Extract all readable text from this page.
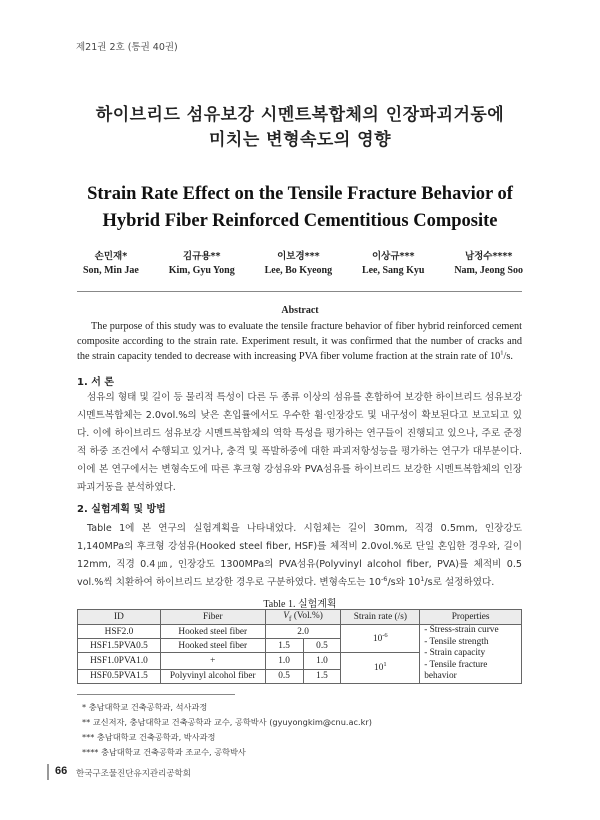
제21권 2호 (통권 40권)
하이브리드 섬유보강 시멘트복합체의 인장파괴거동에
미치는 변형속도의 영향
Strain Rate Effect on the Tensile Fracture Behavior of
Hybrid Fiber Reinforced Cementitious Composite
손민재*
Son, Min Jae
김규용**
Kim, Gyu Yong
이보경***
Lee, Bo Kyeong
이상규***
Lee, Sang Kyu
남정수****
Nam, Jeong Soo
Abstract
The purpose of this study was to evaluate the tensile fracture behavior of fiber hybrid reinforced cement composite according to the strain rate. Experiment result, it was confirmed that the number of cracks and the strain capacity tended to decrease with increasing PVA fiber volume fraction at the strain rate of $10^1/s$.
1. 서 론
섬유의 형태 및 길이 등 물리적 특성이 다른 두 종류 이상의 섬유를 혼합하여 보강한 하이브리드 섬유보강 시멘트복합체는 2.0vol.%의 낮은 혼입률에서도 우수한 휨·인장강도 및 내구성이 확보된다고 보고되고 있다. 이에 하이브리드 섬유보강 시멘트복합체의 역학 특성을 평가하는 연구들이 진행되고 있으나, 주로 준정적 하중 조건에서 수행되고 있거나, 충격 및 폭발하중에 대한 파괴저항성능을 평가하는 연구가 대부분이다. 이에 본 연구에서는 변형속도에 따른 후크형 강섬유와 PVA섬유를 하이브리드 보강한 시멘트복합체의 인장파괴거동을 분석하였다.
2. 실험계획 및 방법
Table 1에 본 연구의 실험계획을 나타내었다. 시험체는 길이 30mm, 직경 0.5mm, 인장강도 1,140MPa의 후크형 강섬유(Hooked steel fiber, HSF)를 체적비 2.0vol.%로 단일 혼입한 경우와, 길이 12mm, 직경 0.4㎛, 인장강도 1300MPa의 PVA섬유(Polyvinyl alcohol fiber, PVA)를 체적비 0.5 vol.%씩 치환하여 하이브리드 보강한 경우로 구분하였다. 변형속도는 $10^{-6}/s$와 $10^1/s$로 설정하였다.
Table 1. 실험계획
ID	Fiber	$V_f$ (Vol.%)		Strain rate (/s)	Properties
HSF2.0	Hooked steel fiber	2.0		$10^{-6}$	- Stress-strain curve
- Tensile strength
- Strain capacity
- Tensile fracture behavior

HSF1.5PVA0.5	Hooked steel fiber	1.5	0.5		
HSF1.0PVA1.0	+	1.0	1.0	$10^1$
HSF0.5PVA1.5	Polyvinyl alcohol fiber	0.5	1.5		
* 충남대학교 건축공학과, 석사과정
** 교신저자, 충남대학교 건축공학과 교수, 공학박사 (gyuyongkim@cnu.ac.kr)
*** 충남대학교 건축공학과, 박사과정
**** 충남대학교 건축공학과 조교수, 공학박사
66 한국구조물진단유지관리공학회
